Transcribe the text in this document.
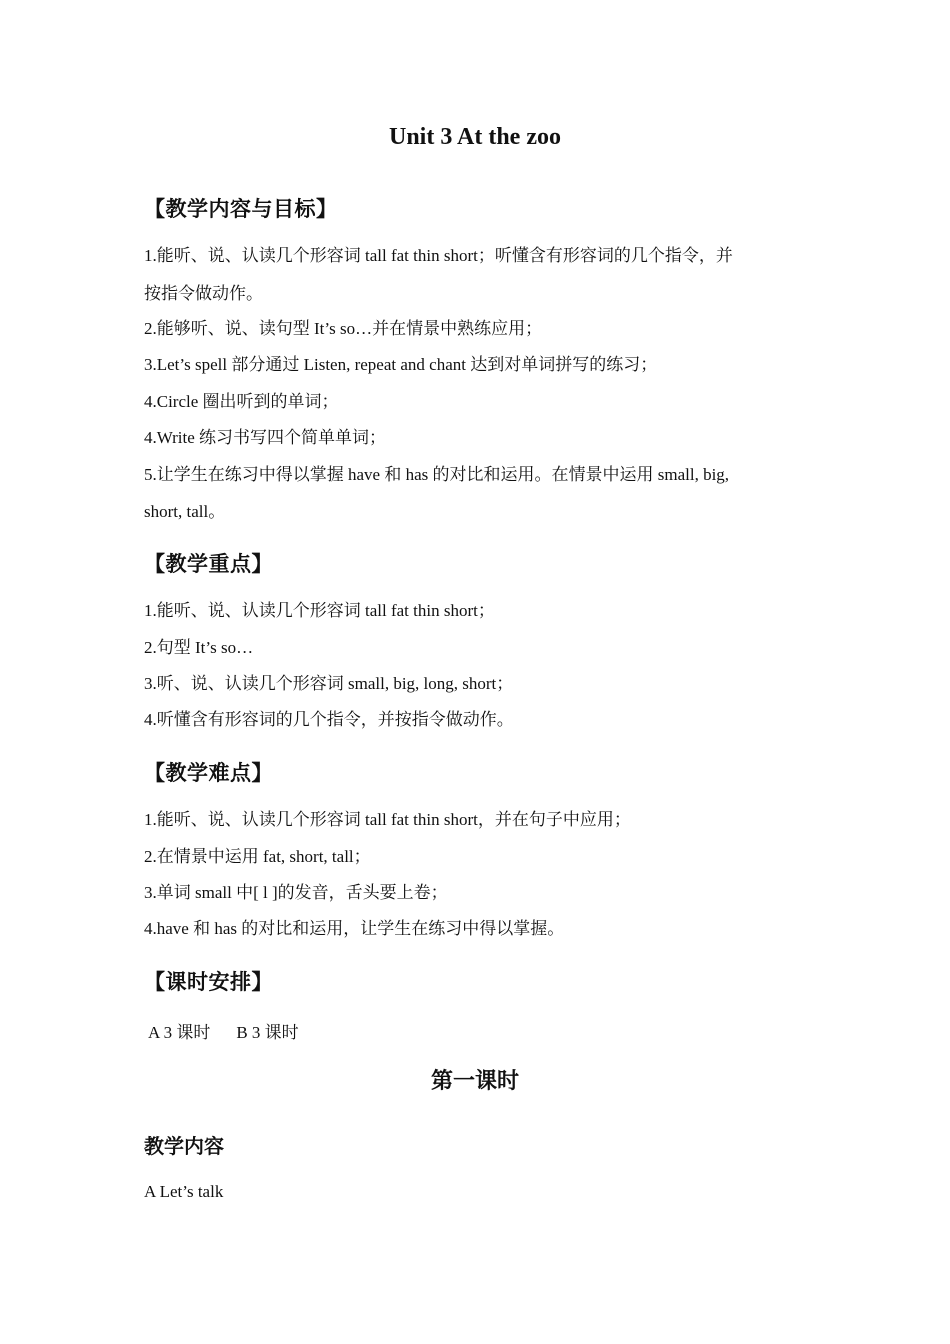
Unit 3 At the zoo
【教学内容与目标】
1.能听、说、认读几个形容词 tall fat thin short；听懂含有形容词的几个指令，并
按指令做动作。
2.能够听、说、读句型 It’s so…并在情景中熟练应用；
3.Let’s spell 部分通过 Listen, repeat and chant 达到对单词拼写的练习；
4.Circle 圈出听到的单词；
4.Write 练习书写四个简单单词；
5.让学生在练习中得以掌握 have 和 has 的对比和运用。在情景中运用 small, big,
short, tall。
【教学重点】
1.能听、说、认读几个形容词 tall fat thin short；
2.句型 It’s so…
3.听、说、认读几个形容词 small, big, long, short；
4.听懂含有形容词的几个指令，并按指令做动作。
【教学难点】
1.能听、说、认读几个形容词 tall fat thin short，并在句子中应用；
2.在情景中运用 fat, short, tall；
3.单词 small 中[ l ]的发音，舌头要上卷；
4.have 和 has 的对比和运用，让学生在练习中得以掌握。
【课时安排】
A 3 课时 B 3 课时
第一课时
教学内容
A Let’s talk
